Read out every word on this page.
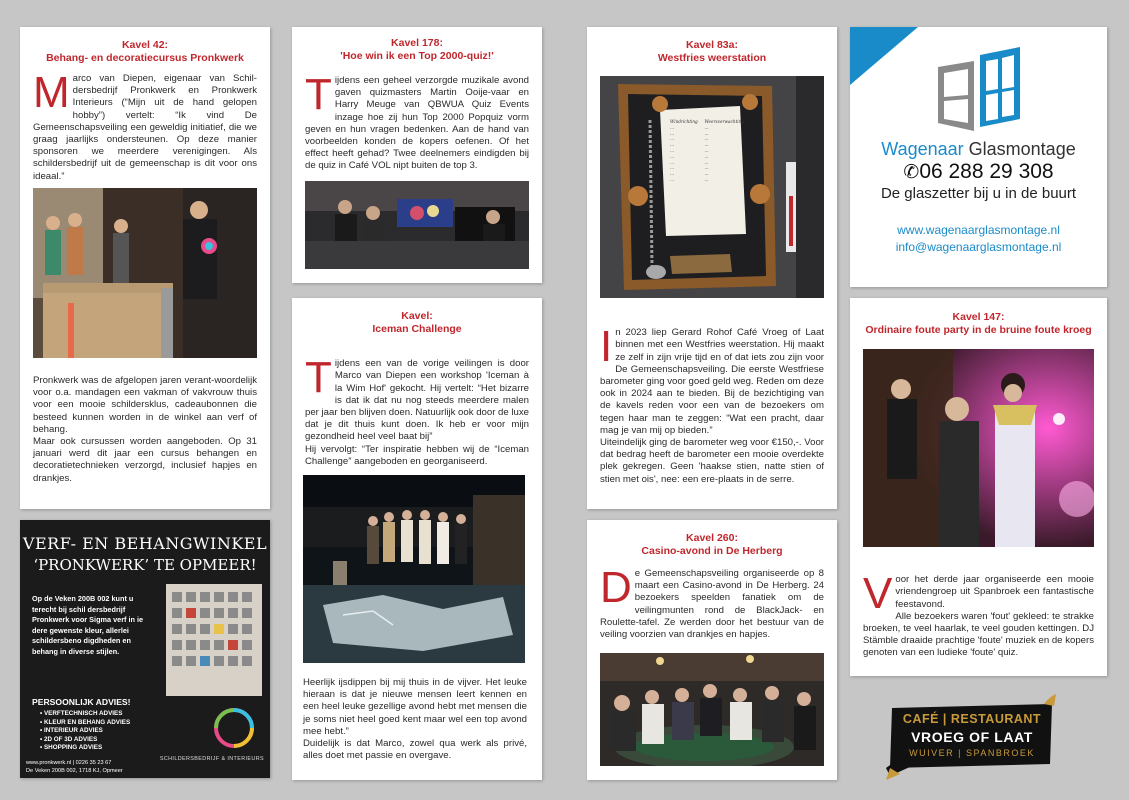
Kavel 42:
Behang- en decoratiecursus Pronkwerk
Marco van Diepen, eigenaar van Schil-dersbedrijf Pronkwerk en Pronkwerk Interieurs (“Mijn uit de hand gelopen hobby”) vertelt: “Ik vind De Gemeenschapsveiling een geweldig initiatief, die we graag jaarlijks ondersteunen. Op deze manier sponsoren we meerdere verenigingen. Als schildersbedrijf uit de gemeenschap is dit voor ons ideaal.”
Pronkwerk was de afgelopen jaren verant-woordelijk voor o.a. mandagen een vakman of vakvrouw thuis voor een mooie schildersklus, cadeaubonnen die besteed kunnen worden in de winkel aan verf of behang.
Maar ook cursussen worden aangeboden. Op 31 januari werd dit jaar een cursus behangen en decoratietechnieken verzorgd, inclusief hapjes en drankjes.
VERF- EN BEHANGWINKEL
‘PRONKWERK’ TE OPMEER!
Op de Veken 200B 002 kunt u terecht bij schil dersbedrijf Pronkwerk voor Sigma verf in ie dere gewenste kleur, allerlei schildersbeno digdheden en behang in diverse stijlen.
PERSOONLIJK ADVIES!
• VERFTECHNISCH ADVIES
• KLEUR EN BEHANG ADVIES
• INTERIEUR ADVIES
• 2D OF 3D ADVIES
• SHOPPING ADVIES
SCHILDERSBEDRIJF & INTERIEURS
www.pronkwerk.nl | 0226 35 23 67
De Veken 200B 002, 1718 KJ, Opmeer
Kavel 178:
'Hoe win ik een Top 2000-quiz!'
Tijdens een geheel verzorgde muzikale avond gaven quizmasters Martin Ooije-vaar en Harry Meuge van QBWUA Quiz Events inzage hoe zij hun Top 2000 Popquiz vorm geven en hun vragen bedenken. Aan de hand van voorbeelden konden de kopers oefenen. Of het effect heeft gehad? Twee deelnemers eindigden bij de quiz in Café VOL nipt buiten de top 3.
Kavel:
Iceman Challenge

Tijdens een van de vorige veilingen is door Marco van Diepen een workshop 'Iceman à la Wim Hof' gekocht. Hij vertelt: “Het bizarre is dat ik dat nu nog steeds meerdere malen per jaar ben blijven doen. Natuurlijk ook door de luxe dat je dit thuis kunt doen. Ik heb er voor mijn gezondheid heel veel baat bij”
Hij vervolgt: “Ter inspiratie hebben wij de “Iceman Challenge” aangeboden en georganiseerd.

Heerlijk ijsdippen bij mij thuis in de vijver. Het leuke hieraan is dat je nieuwe mensen leert kennen en een heel leuke gezellige avond hebt met mensen die je soms niet heel goed kent maar wel een top avond mee hebt.”
Duidelijk is dat Marco, zowel qua werk als privé, alles doet met passie en overgave.
Kavel 83a:
Westfries weerstation
Windrichting
...
...
...
...
...
...
...
...
...
...
Weersverwachting
...
...
...
...
...
...
...
...
...
...

In 2023 liep Gerard Rohof Café Vroeg of Laat binnen met een Westfries weerstation. Hij maakt ze zelf in zijn vrije tijd en of dat iets zou zijn voor De Gemeenschapsveiling. Die eerste Westfriese barometer ging voor goed geld weg. Reden om deze ook in 2024 aan te bieden. Bij de bezichtiging van de kavels reden voor een van de bezoekers om tegen haar man te zeggen: “Wat een pracht, daar mag je van mij op bieden.”
Uiteindelijk ging de barometer weg voor €150,-. Voor dat bedrag heeft de barometer een mooie overdekte plek gekregen. Geen 'haakse stien, natte stien of stien met ois', nee: een ere-plaats in de serre.

Kavel 260:
Casino-avond in De Herberg
De Gemeenschapsveiling organiseerde op 8 maart een Casino-avond in De Herberg. 24 bezoekers speelden fanatiek om de veilingmunten rond de BlackJack- en Roulette-tafel. Ze werden door het bestuur van de veiling voorzien van drankjes en hapjes.
Wagenaar Glasmontage
✆06 288 29 308
De glaszetter bij u in de buurt
www.wagenaarglasmontage.nl
info@wagenaarglasmontage.nl
Kavel 147:
Ordinaire foute party in de bruine foute kroeg

Voor het derde jaar organiseerde een mooie vriendengroep uit Spanbroek een fantastische feestavond.
Alle bezoekers waren 'fout' gekleed: te strakke broeken, te veel haarlak, te veel gouden kettingen. DJ Stämble draaide prachtige 'foute' muziek en de kopers genoten van een ludieke 'foute' quiz.

CAFÉ | RESTAURANT
VROEG OF LAAT
WUIVER | SPANBROEK
